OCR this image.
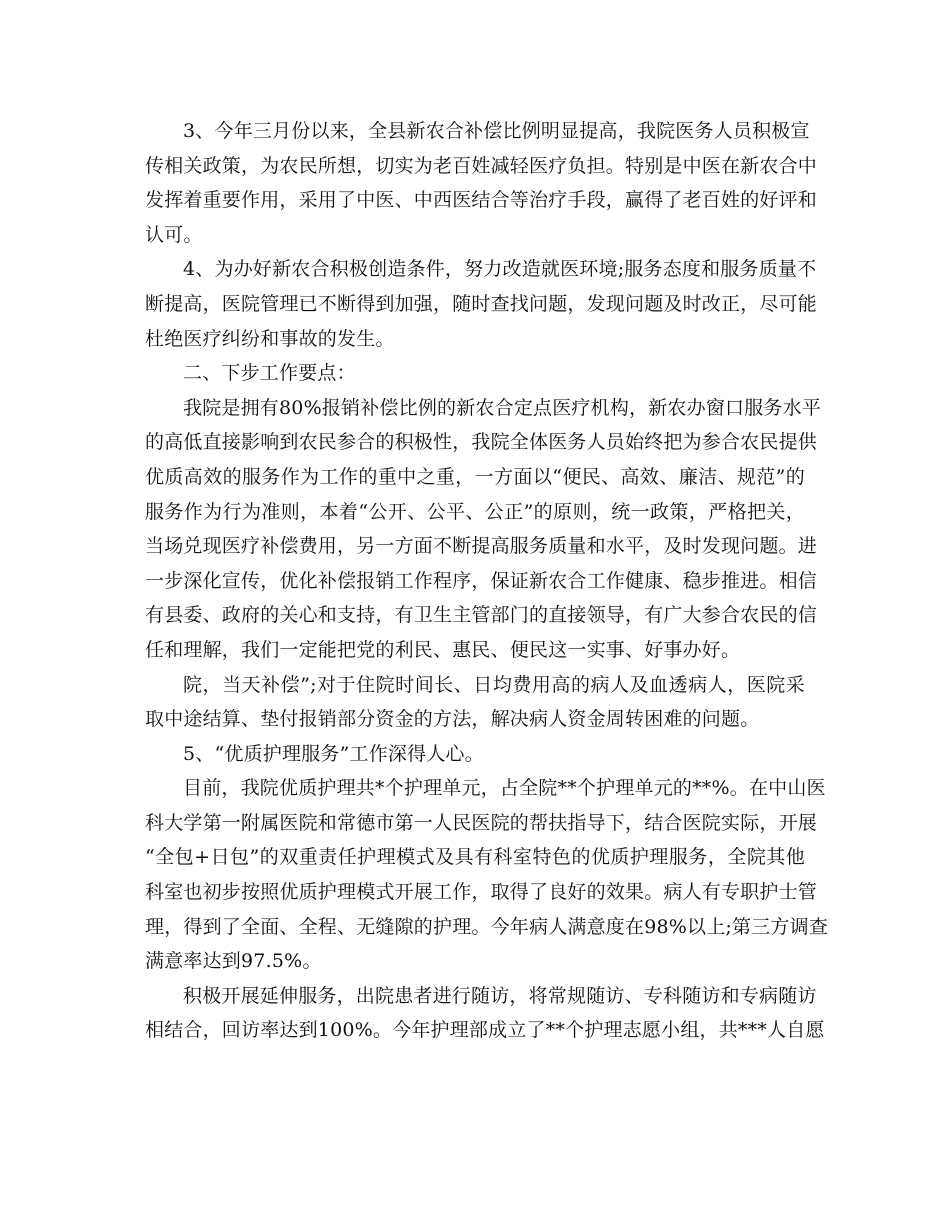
3、今年三月份以来，全县新农合补偿比例明显提高，我院医务人员积极宣
传相关政策，为农民所想，切实为老百姓减轻医疗负担。特别是中医在新农合中
发挥着重要作用，采用了中医、中西医结合等治疗手段，赢得了老百姓的好评和
认可。
4、为办好新农合积极创造条件，努力改造就医环境;服务态度和服务质量不
断提高，医院管理已不断得到加强，随时查找问题，发现问题及时改正，尽可能
杜绝医疗纠纷和事故的发生。
二、下步工作要点：
我院是拥有80%报销补偿比例的新农合定点医疗机构，新农办窗口服务水平
的高低直接影响到农民参合的积极性，我院全体医务人员始终把为参合农民提供
优质高效的服务作为工作的重中之重，一方面以“便民、高效、廉洁、规范”的
服务作为行为准则，本着“公开、公平、公正”的原则，统一政策，严格把关，
当场兑现医疗补偿费用，另一方面不断提高服务质量和水平，及时发现问题。进
一步深化宣传，优化补偿报销工作程序，保证新农合工作健康、稳步推进。相信
有县委、政府的关心和支持，有卫生主管部门的直接领导，有广大参合农民的信
任和理解，我们一定能把党的利民、惠民、便民这一实事、好事办好。
院，当天补偿”;对于住院时间长、日均费用高的病人及血透病人，医院采
取中途结算、垫付报销部分资金的方法，解决病人资金周转困难的问题。
5、“优质护理服务”工作深得人心。
目前，我院优质护理共*个护理单元，占全院**个护理单元的**%。在中山医
科大学第一附属医院和常德市第一人民医院的帮扶指导下，结合医院实际，开展
“全包+日包”的双重责任护理模式及具有科室特色的优质护理服务，全院其他
科室也初步按照优质护理模式开展工作，取得了良好的效果。病人有专职护士管
理，得到了全面、全程、无缝隙的护理。今年病人满意度在98%以上;第三方调查
满意率达到97.5%。
积极开展延伸服务，出院患者进行随访，将常规随访、专科随访和专病随访
相结合，回访率达到100%。今年护理部成立了**个护理志愿小组，共***人自愿
